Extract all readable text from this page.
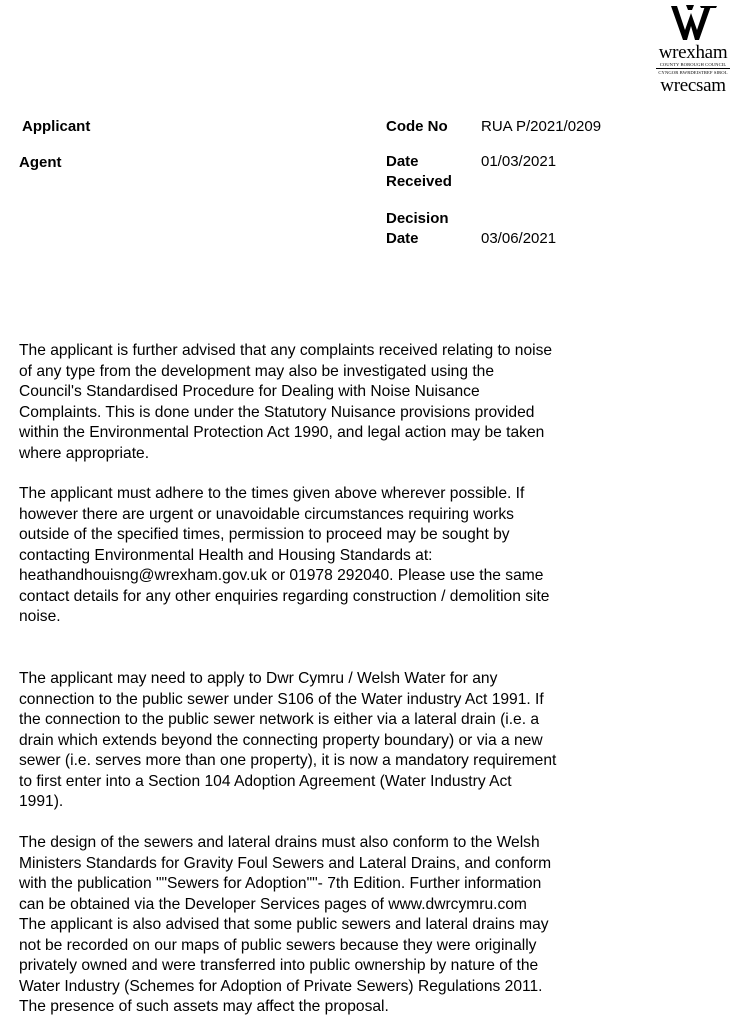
wrexham
COUNTY BOROUGH COUNCIL
CYNGOR BWRDEISTREF SIROL
wrecsam
Applicant
Agent
Code No RUA P/2021/0209
Date
Received
01/03/2021
Decision
Date	03/06/2021
The applicant is further advised that any complaints received relating to noise
of any type from the development may also be investigated using the
Council's Standardised Procedure for Dealing with Noise Nuisance
Complaints. This is done under the Statutory Nuisance provisions provided
within the Environmental Protection Act 1990, and legal action may be taken
where appropriate.
The applicant must adhere to the times given above wherever possible. If
however there are urgent or unavoidable circumstances requiring works
outside of the specified times, permission to proceed may be sought by
contacting Environmental Health and Housing Standards at:
heathandhouisng@wrexham.gov.uk or 01978 292040. Please use the same
contact details for any other enquiries regarding construction / demolition site
noise.
The applicant may need to apply to Dwr Cymru / Welsh Water for any
connection to the public sewer under S106 of the Water industry Act 1991. If
the connection to the public sewer network is either via a lateral drain (i.e. a
drain which extends beyond the connecting property boundary) or via a new
sewer (i.e. serves more than one property), it is now a mandatory requirement
to first enter into a Section 104 Adoption Agreement (Water Industry Act
1991).
The design of the sewers and lateral drains must also conform to the Welsh
Ministers Standards for Gravity Foul Sewers and Lateral Drains, and conform
with the publication ""Sewers for Adoption""- 7th Edition. Further information
can be obtained via the Developer Services pages of www.dwrcymru.com
The applicant is also advised that some public sewers and lateral drains may
not be recorded on our maps of public sewers because they were originally
privately owned and were transferred into public ownership by nature of the
Water Industry (Schemes for Adoption of Private Sewers) Regulations 2011.
The presence of such assets may affect the proposal.
